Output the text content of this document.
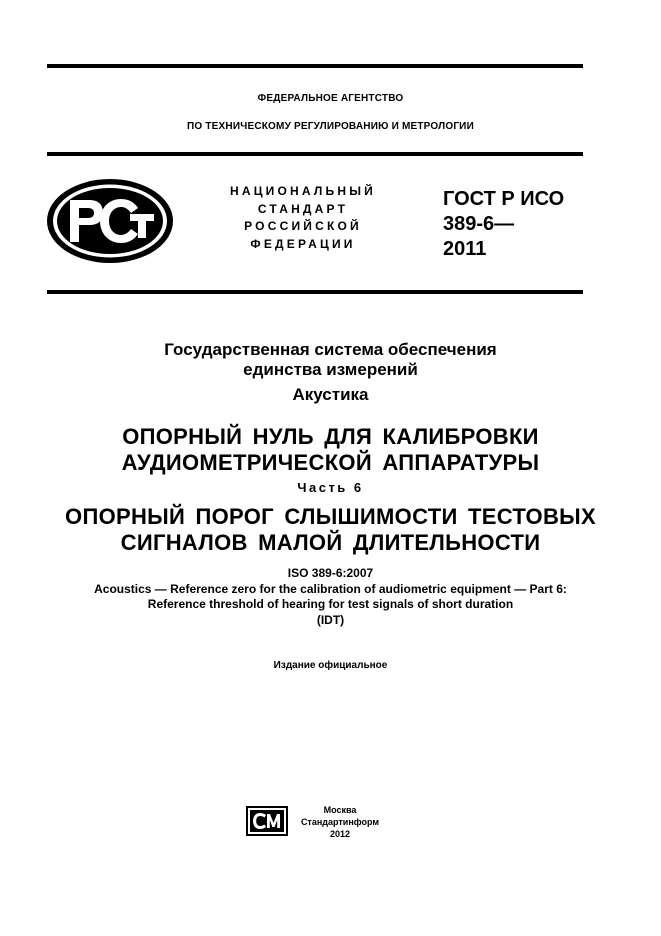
ФЕДЕРАЛЬНОЕ АГЕНТСТВО
ПО ТЕХНИЧЕСКОМУ РЕГУЛИРОВАНИЮ И МЕТРОЛОГИИ
НАЦИОНАЛЬНЫЙ
СТАНДАРТ
РОССИЙСКОЙ
ФЕДЕРАЦИИ
ГОСТ Р ИСО
389-6—
2011
Государственная система обеспечения
единства измерений
Акустика
ОПОРНЫЙ НУЛЬ ДЛЯ КАЛИБРОВКИ
АУДИОМЕТРИЧЕСКОЙ АППАРАТУРЫ
Часть 6
ОПОРНЫЙ ПОРОГ СЛЫШИМОСТИ ТЕСТОВЫХ
СИГНАЛОВ МАЛОЙ ДЛИТЕЛЬНОСТИ
ISO 389-6:2007
Acoustics — Reference zero for the calibration of audiometric equipment — Part 6:
Reference threshold of hearing for test signals of short duration
(IDT)
Издание официальное
Москва
Стандартинформ
2012
